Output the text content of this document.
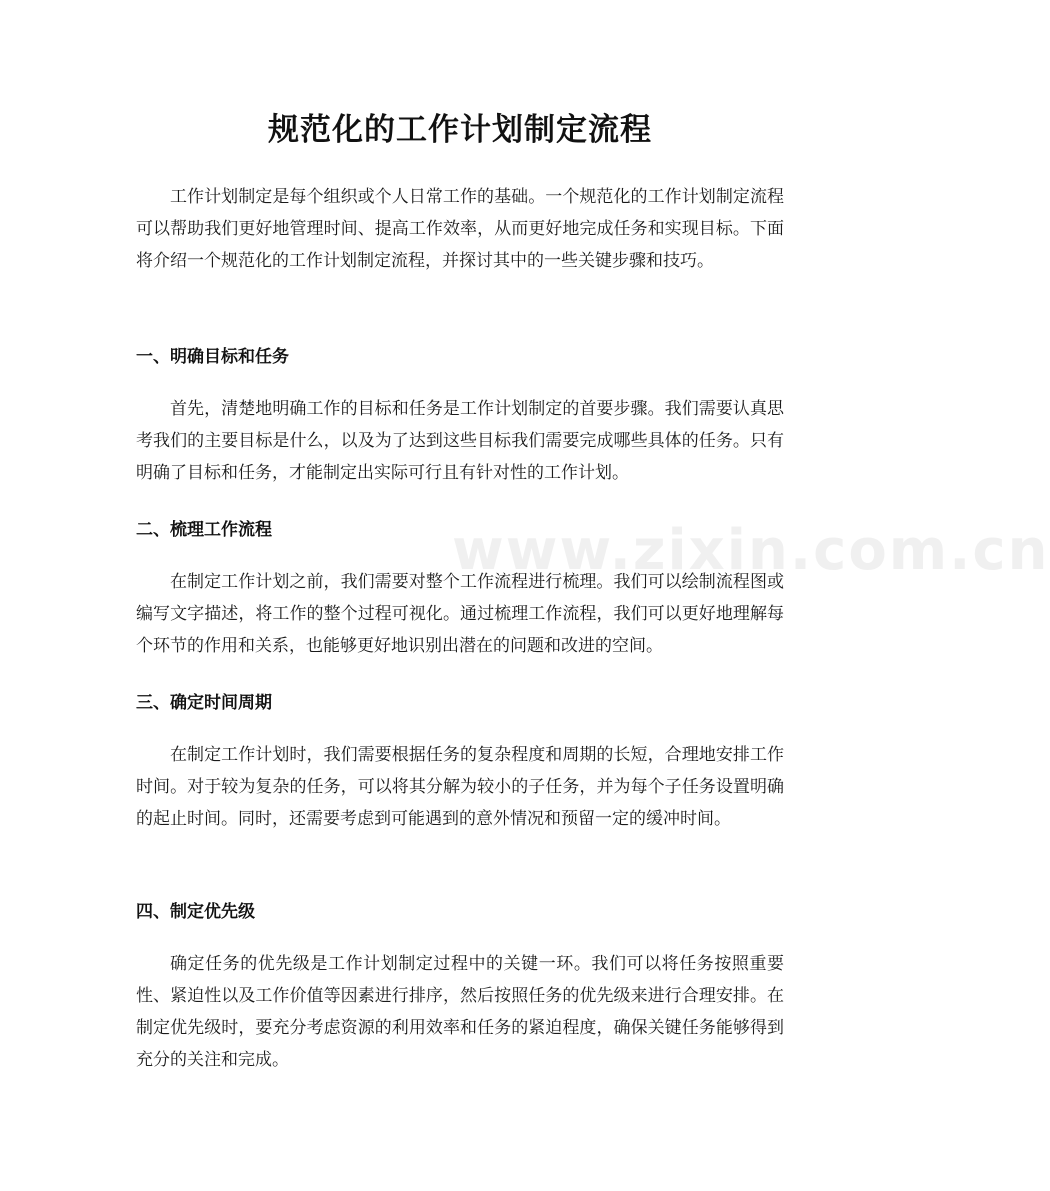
www.zixin.com.cn
规范化的工作计划制定流程

工作计划制定是每个组织或个人日常工作的基础。一个规范化的工作计划制定流程可以帮助我们更好地管理时间、提高工作效率，从而更好地完成任务和实现目标。下面将介绍一个规范化的工作计划制定流程，并探讨其中的一些关键步骤和技巧。

一、明确目标和任务

首先，清楚地明确工作的目标和任务是工作计划制定的首要步骤。我们需要认真思考我们的主要目标是什么，以及为了达到这些目标我们需要完成哪些具体的任务。只有明确了目标和任务，才能制定出实际可行且有针对性的工作计划。

二、梳理工作流程

在制定工作计划之前，我们需要对整个工作流程进行梳理。我们可以绘制流程图或编写文字描述，将工作的整个过程可视化。通过梳理工作流程，我们可以更好地理解每个环节的作用和关系，也能够更好地识别出潜在的问题和改进的空间。

三、确定时间周期

在制定工作计划时，我们需要根据任务的复杂程度和周期的长短，合理地安排工作时间。对于较为复杂的任务，可以将其分解为较小的子任务，并为每个子任务设置明确的起止时间。同时，还需要考虑到可能遇到的意外情况和预留一定的缓冲时间。

四、制定优先级

确定任务的优先级是工作计划制定过程中的关键一环。我们可以将任务按照重要性、紧迫性以及工作价值等因素进行排序，然后按照任务的优先级来进行合理安排。在制定优先级时，要充分考虑资源的利用效率和任务的紧迫程度，确保关键任务能够得到充分的关注和完成。
